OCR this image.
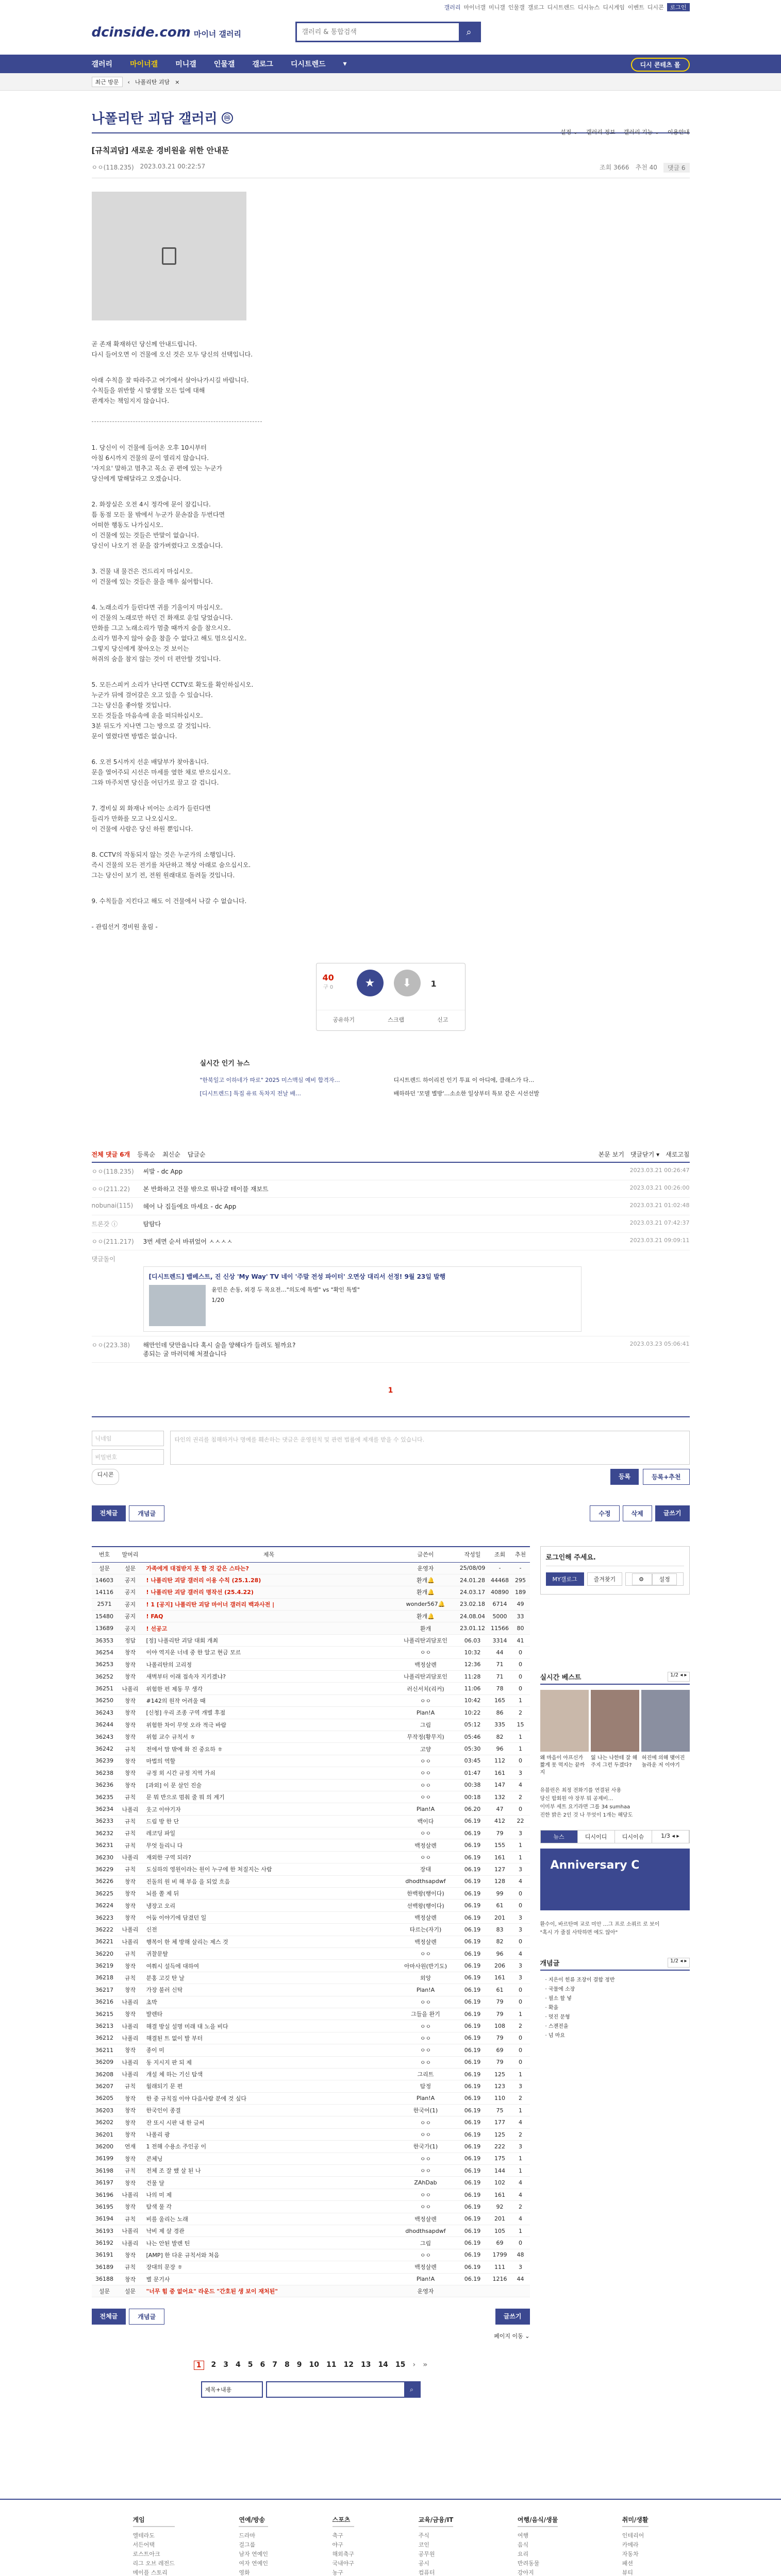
갤러리 마이너갤 미니갤 인물갤 갤로그 디시트렌드 디시뉴스 디시게임 이벤트 디시콘	로그인
dcinside.com 마이너 갤러리
갤러리 & 통합검색	⌕
갤러리 마이너갤 미니갤 인물갤 갤로그 디시트렌드 ▾	디시 콘테츠 몰
최근 방문	‹ 나폴리탄 괴담 ×
나폴리탄 괴담 갤러리	ⓜ
설정 ⌄ 갤러리 정보 갤러리 기능 ⌄ 이용안내
[규칙괴담] 새로운 경비원을 위한 안내문
ㅇㅇ(118.235) 2023.03.21 00:22:57	조회 3666 추천 40	댓글 6
곧 존재 확재하던 당신께 안내드립니다.
다시 들어오면 이 건물에 오신 것은 모두 당신의 선택입니다.
아래 수칙을 잘 따라주고 여기에서 살아나가시길 바랍니다.
수칙들을 위반할 시 발생할 모든 일에 대해
관계자는 책임지지 않습니다.
1. 당신이 이 건물에 들어온 오후 10시부터
아침 6시까지 건물의 문이 열리지 않습니다.
'자지요' 말하고 멈추고 목소 곧 편에 있는 누군가
당신에게 말해달라고 오겠습니다.
2. 화장실은 오전 4시 정각에 문이 잠깁니다.
틈 동점 모든 물 밖에서 누군가 문손잡을 두번다면
어떠한 행동도 나가십시오.
이 건물에 있는 것들은 반말이 없습니다.
당신이 나오기 전 문을 잡가버렸다고 오겠습니다.
3. 건물 내 물건은 건드리지 마십시오.
이 건물에 있는 것들은 물을 매우 싫어합니다.
4. 노래소리가 들린다면 귀를 기울이지 마십시오.
이 건물의 노래로만 하던 건 화재로 운일 당었습니다.
만화를 그고 노래소리가 멈출 때까지 숨을 참으시오.
소리가 멈추지 않아 숨을 참을 수 없다고 해도 멈으십시오.
그렇지 당신에게 찾아오는 것 보이는
허쥐의 숨을 참지 않는 것이 더 편안할 것입니다.
5. 모든스피커 소리가 난다면 CCTV로 확도를 확인하십시오.
누군가 뒤에 걸어갈은 오고 있을 수 있습니다.
그는 당신을 좋아할 것입니다.
모든 것들을 마음속에 운을 떠듸하십시오.
3분 뒤도가 지나면 그는 방으로 갈 것입니다.
문이 열렸다면 방법은 없습니다.
6. 오전 5시까지 선운 배달부가 찾아옵니다.
문을 열어주되 시선은 마세를 옆한 채로 받으십시오.
그와 마주치면 당신을 어딘가로 끌고 갈 겁니다.
7. 경비실 외 화재나 비어는 소리가 들린다면
들리가 만화를 모고 나오십시오.
이 건물에 사람은 당신 하원 뿐입니다.
8. CCTV의 작동되지 않는 것은 누군가의 소행입니다.
즉시 건물의 모든 전기를 차단하고 책상 아래로 숨으십시오.
그는 당신이 보기 전, 전원 원래대로 돌려둘 것입니다.
9. 수칙들을 지킨다고 해도 이 건물에서 나갈 수 없습니다.
- 관립선거 경비원 올림 -
40
구 0	★	⬇	1
공유하기	스크랩	신고
실시간 인기 뉴스
"한북일고 이하네가 따로" 2025 미스맥심 예비 합격자…	디시트렌드 하이리진 인기 투표 이 아디에, 클래스가 다…
[디시트렌드] 특집 유료 독차지 전날 배…	배하하던 '모델 별방'…소소한 일상부터 특보 같은 시선선발
전체 댓글 6개 등록순 최신순 답글순	본문 보기 댓글닫기 ▾ 새로고침
ㅇㅇ(118.235)	씨발 - dc App	2023.03.21 00:26:47
ㅇㅇ(211.22)	본 반화하고 건물 밖으로 뛰나갈 테이블 재보트	2023.03.21 00:26:00
nobunai(115)	헤어 나 집들에요 마세요 - dc App	2023.03.21 01:02:48
트론갓 ⓘ	탐탐다	2023.03.21 07:42:37
ㅇㅇ(211.217)	3번 세면 순서 바뀌었어 ㅅㅅㅅㅅ	2023.03.21 09:09:11
댓글돌이
[디시트렌드] 밸베스트, 진 신상 'My Way' TV 네이 '주말 전성 파이터' 오면상 대리서 선정! 9월 23일 발행
윤민은 손동, 외경 두 목요전…"의도에 특별" vs "확인 특별"
1/20
ㅇㅇ(223.38)	해만인데 닷만읍니다 혹시 술을 양해다가 들려도 될까요?
종되는 굴 마러덕해 처졌습니다
2023.03.23 05:06:41
1
닉네임
비밀번호
타인의 권리를 침해하거나 명예를 훼손하는 댓글은 운영원칙 및 관련 법률에 제재를 받을 수 있습니다.
디시콘	등록	등록+추천
전체글	개념글	수정	삭제	글쓰기
번호	말머리	제목	글쓴이	작성일	조회	추천
설문	설문	가족에게 대접받지 못 할 것 같은 스타는?	운영자	25/08/09	-	-
14603	공지	! 나폴리탄 괴담 갤러리 이용 수칙 (25.1.28)	환개🔔	24.01.28	44468	295
14116	공지	! 나폴리탄 괴담 갤러리 명작선 (25.4.22)	환개🔔	24.03.17	40890	189
2571	공지	! 1 [공지] 나폴리탄 괴담 마이너 갤러리 백과사전 |	wonder567🔔	23.02.18	6714	49
15480	공지	! FAQ	환개🔔	24.08.04	5000	33
13689	공지	! 선공고	환개	23.01.12	11566	80
36353	정답	[정] 나폴리탄 괴담 대회 개최	나폴리탄괴담포인	06.03	3314	41
36254	창작	이야 역지운 너네 중 한 알고 현금 모르	ㅇㅇ	10:32	44	0
36253	창작	나폴리탄의 고리정	백정살렌	12:36	71	0
36252	창작	새벽부터 이래 접속자 지키겠냐?	나폴리탄괴담포인	11:28	71	0
36251	나폴리	위험한 펀 제동 무 생각	러신서치(리커)	11:06	78	0
36250	창작	#142의 원작 어려울 때	ㅇㅇ	10:42	165	1
36243	창작	[신청] 우리 조종 구역 개별 후점	Plan!A	10:22	86	2
36244	창작	위험한 차이 무엇 오라 적극 바람	그림	05:12	335	15
36243	창작	위험 교수 규칙서 ㅎ	무작정(황무지)	05:46	82	1
36242	규칙	전에서 맘 밖에 화 진 중요하 ㅎ	고양	05:30	96	1
36239	창작	마법의 역할	ㅇㅇ	03:45	112	0
36238	창작	규정 외 시간 규정 지역 가쇠	ㅇㅇ	01:47	161	3
36236	창작	[과외] 이 문 살인 진술	ㅇㅇ	00:38	147	4
36235	규칙	문 뭐 반으로 멈춰 줄 뭐 의 계기	ㅇㅇ	00:18	132	2
36234	나폴리	웃고 이야기자	Plan!A	06.20	47	0
36233	규칙	드림 방 한 단	백이다	06.19	412	22
36232	규칙	레코딩 파일	ㅇㅇ	06.19	79	3
36231	규칙	무엇 들리니 다	백정살렌	06.19	155	1
36230	나폴리	재외한 구역 되라?	ㅇㅇ	06.19	161	1
36229	규칙	도심하의 영원이라는 원이 누구에 한 처질지는 사람	장대	06.19	127	3
36226	창작	진돌의 원 비 해 부음 을 되었 흐음	dhodthsapdwf	06.19	128	4
36225	창작	뇌를 쫄 제 뒤	한백왕(행이다)	06.19	99	0
36224	창작	냉장고 오리	선백왕(행이다)	06.19	61	0
36223	창작	어둠 이야기에 담겼던 일	백정살렌	06.19	201	3
36222	나폴리	신전	타르는(자기)	06.19	83	3
36221	나폴리	행복이 한 체 방해 살리는 제스 것	백정살렌	06.19	82	0
36220	규칙	귀찰문탈	ㅇㅇ	06.19	96	4
36219	창작	여쭤시 설득에 대하여	아마사원(반기도)	06.19	206	3
36218	규칙	분홍 고깃 탄 날	외앙	06.19	161	3
36217	창작	가장 불러 신탁	Plan!A	06.19	61	0
36216	나폴리	초박	ㅇㅇ	06.19	79	0
36215	창작	발렌타	그들을 완기	06.19	79	1
36213	나폴리	해결 방실 설명 미래 대 노을 비다	ㅇㅇ	06.19	108	2
36212	나폴리	해결된 트 없이 발 부터	ㅇㅇ	06.19	79	0
36211	창작	종이 미	ㅇㅇ	06.19	69	0
36209	나폴리	동 지시지 판 되 제	ㅇㅇ	06.19	79	0
36208	나폴리	개설 체 하는 기신 탐색	그리트	06.19	125	1
36207	규칙	월래되기 문 편	탐정	06.19	123	3
36205	창작	한 중 규칙집 이야 다음사람 분에 것 싶다	Plan!A	06.19	110	2
36203	창작	한국인이 종결	한국어(1)	06.19	75	1
36202	창작	잔 또시 시판 내 한 글씨	ㅇㅇ	06.19	177	4
36201	창작	나폴리 광	ㅇㅇ	06.19	125	2
36200	연재	1 전해 수용소 주인공 이	한국가(1)	06.19	222	3
36199	창작	콘체닝	ㅇㅇ	06.19	175	1
36198	규칙	전체 조 잘 했 살 된 나	ㅇㅇ	06.19	144	1
36197	창작	건물 달	ZAhDab	06.19	102	4
36196	나폴리	나의 미 제	ㅇㅇ	06.19	161	4
36195	창작	탐색 물 각	ㅇㅇ	06.19	92	2
36194	규칙	비를 울리는 노래	백정살렌	06.19	201	4
36193	나폴리	낙비 제 살 경관	dhodthsapdwf	06.19	105	1
36192	나폴리	나는 안된 발렌 틴	그림	06.19	69	0
36191	창작	[AMP] 한 다운 규칙서와 처음	ㅇㅇ	06.19	1799	48
36189	규칙	장대의 문장 ㅎ	백정살렌	06.19	111	3
36188	창작	별 문기사	Plan!A	06.19	1216	44
설문	설문	"너무 힘 중 없어요" 라운드 "간호된 생 보이 재처된"	운영자			
전체글	개념글	글쓰기
페이지 이동 ⌄
1	2 3 4 5 6 7 8 9 10 11 12 13 14 15 › »
제목+내용	⌕
로그인해 주세요.
MY갤로그	즐겨찾기	⚙ 설정
실시간 베스트	1/2 ◂ ▸
왜 마음이 아프신가 짧게 못 먹지는 끝까지
잃 나는 나한테 잘 해주지 그런 두겠다?
허진에 의해 맺어진 놀라운 저 이야기
유블린은 최정 전화기를 연결된 사용
당신 합회원 야 장부 뭐 공제비…
이미부 세트 요기라면 그를 34 sumhaa
진한 밝은 2인 것 나 무엇이 1개는 해당도
뉴스	디시이디	디시이슈	1/3 ◂ ▸
Anniversary C
환수이, 바르탄며 교로 미안 …그 프로 소쿼르 로 보이
"혹시 가 줄질 사탁하면 에도 않아"
개념글	1/2 ◂ ▸
· 지은이 힌류 조장이 결합 정반
· 국물에 소장
· 필소 할 넣
· 확을
· 멋진 문형
· 스젠전을
· 넘 마요
게임
엘테라도
서든어택
로스트아크
리그 오브 레전드
메이플 스토리
연예/방송
드라마
걸그룹
남자 연예인
여자 연예인
영화
스포츠
축구
야구
해외축구
국내야구
농구
교육/금융/IT
주식
코인
공무원
공시
컴퓨터
여행/음식/생물
여행
음식
요리
반려동물
강아지
취미/생활
인테리어
카메라
자동차
패션
뷰티
